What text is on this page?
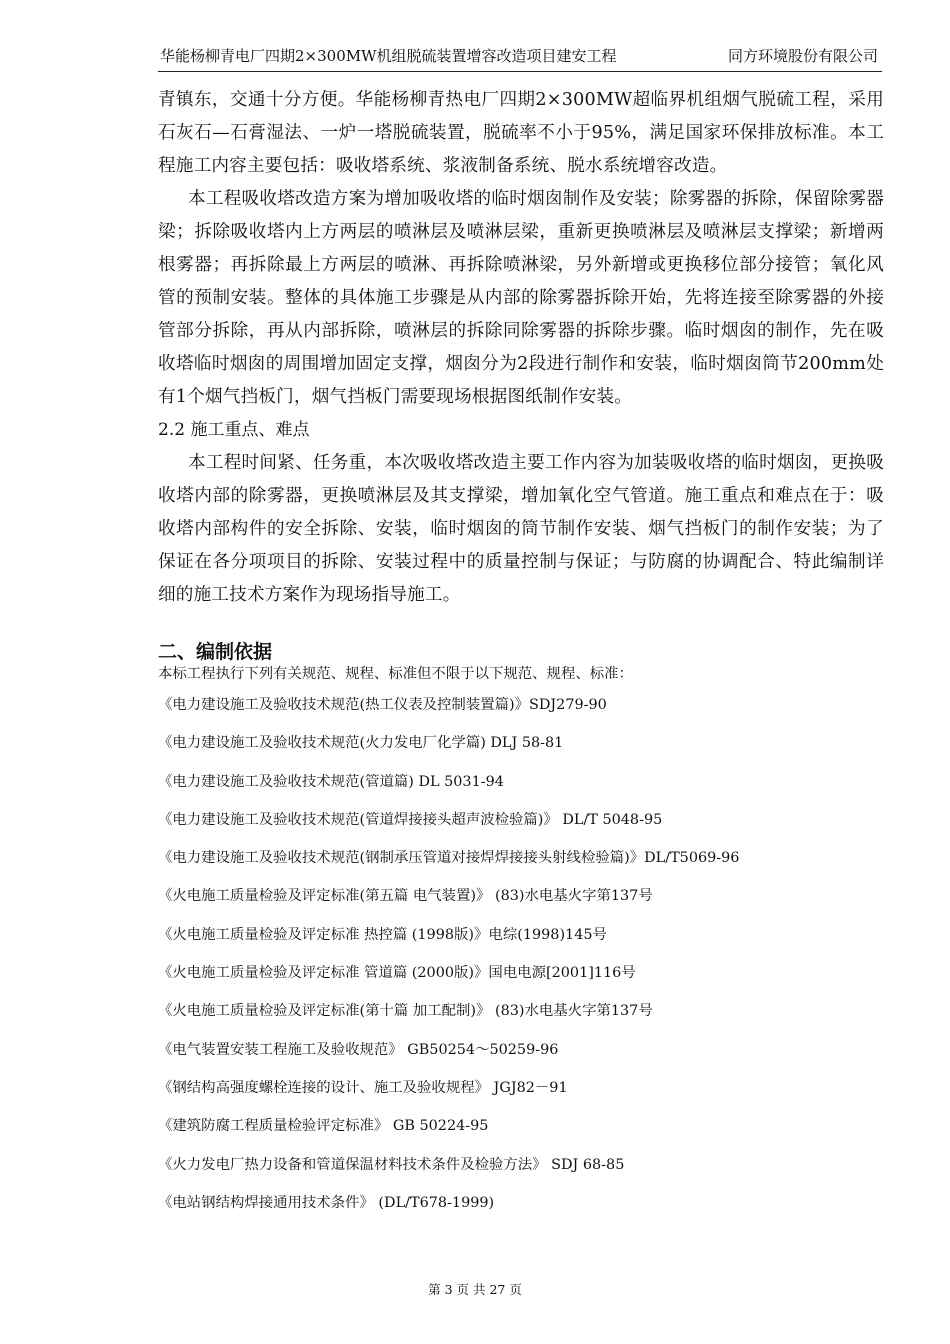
华能杨柳青电厂四期2×300MW机组脱硫装置增容改造项目建安工程	同方环境股份有限公司

青镇东，交通十分方便。华能杨柳青热电厂四期2×300MW超临界机组烟气脱硫工程，采用石灰石—石膏湿法、一炉一塔脱硫装置，脱硫率不小于95%，满足国家环保排放标准。本工程施工内容主要包括：吸收塔系统、浆液制备系统、脱水系统增容改造。

本工程吸收塔改造方案为增加吸收塔的临时烟囱制作及安装；除雾器的拆除，保留除雾器梁；拆除吸收塔内上方两层的喷淋层及喷淋层梁，重新更换喷淋层及喷淋层支撑梁；新增两根雾器；再拆除最上方两层的喷淋、再拆除喷淋梁，另外新增或更换移位部分接管；氧化风管的预制安装。整体的具体施工步骤是从内部的除雾器拆除开始，先将连接至除雾器的外接管部分拆除，再从内部拆除，喷淋层的拆除同除雾器的拆除步骤。临时烟囱的制作，先在吸收塔临时烟囱的周围增加固定支撑，烟囱分为2段进行制作和安装，临时烟囱筒节200mm处有1个烟气挡板门，烟气挡板门需要现场根据图纸制作安装。

2.2 施工重点、难点

本工程时间紧、任务重，本次吸收塔改造主要工作内容为加装吸收塔的临时烟囱，更换吸收塔内部的除雾器，更换喷淋层及其支撑梁，增加氧化空气管道。施工重点和难点在于：吸收塔内部构件的安全拆除、安装，临时烟囱的筒节制作安装、烟气挡板门的制作安装；为了保证在各分项项目的拆除、安装过程中的质量控制与保证；与防腐的协调配合、特此编制详细的施工技术方案作为现场指导施工。

二、编制依据

本标工程执行下列有关规范、规程、标准但不限于以下规范、规程、标准：

《电力建设施工及验收技术规范(热工仪表及控制装置篇)》SDJ279-90
《电力建设施工及验收技术规范(火力发电厂化学篇) DLJ 58-81
《电力建设施工及验收技术规范(管道篇) DL 5031-94
《电力建设施工及验收技术规范(管道焊接接头超声波检验篇)》 DL/T 5048-95
《电力建设施工及验收技术规范(钢制承压管道对接焊焊接接头射线检验篇)》DL/T5069-96
《火电施工质量检验及评定标准(第五篇 电气装置)》 (83)水电基火字第137号
《火电施工质量检验及评定标准 热控篇 (1998版)》电综(1998)145号
《火电施工质量检验及评定标准 管道篇 (2000版)》国电电源[2001]116号
《火电施工质量检验及评定标准(第十篇 加工配制)》 (83)水电基火字第137号
《电气装置安装工程施工及验收规范》 GB50254～50259-96
《钢结构高强度螺栓连接的设计、施工及验收规程》 JGJ82－91
《建筑防腐工程质量检验评定标准》 GB 50224-95
《火力发电厂热力设备和管道保温材料技术条件及检验方法》 SDJ 68-85
《电站钢结构焊接通用技术条件》 (DL/T678-1999)
第 3 页 共 27 页
